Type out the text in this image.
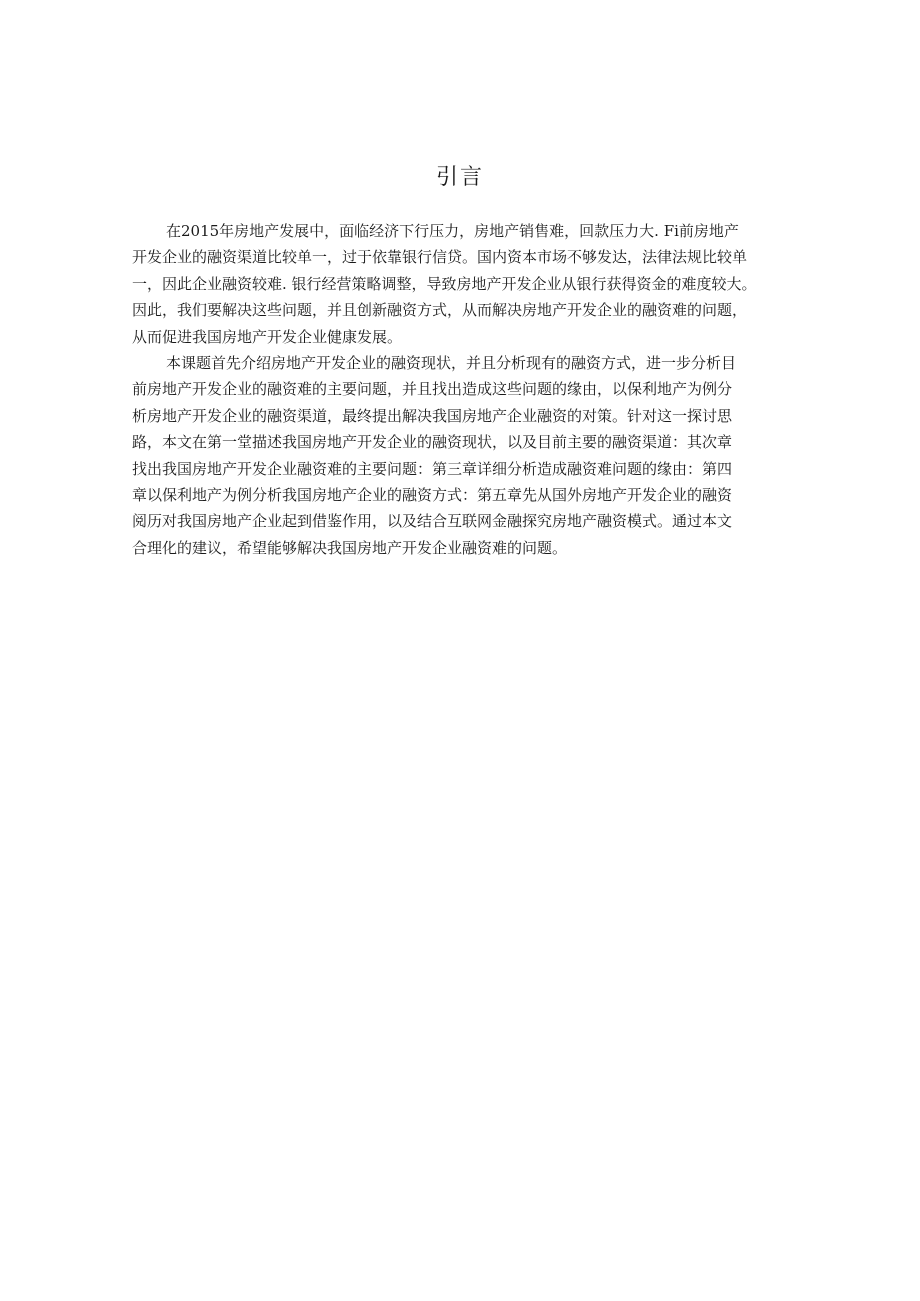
引言
在2015年房地产发展中，面临经济下行压力，房地产销售难，回款压力大. Fi前房地产
开发企业的融资渠道比较单一，过于依靠银行信贷。国内资本市场不够发达，法律法规比较单
一，因此企业融资较难. 银行经营策略调整，导致房地产开发企业从银行获得资金的难度较大。
因此，我们要解决这些问题，并且创新融资方式，从而解决房地产开发企业的融资难的问题，
从而促进我国房地产开发企业健康发展。
本课题首先介绍房地产开发企业的融资现状，并且分析现有的融资方式，进一步分析目
前房地产开发企业的融资难的主要问题，并且找出造成这些问题的缘由，以保利地产为例分
析房地产开发企业的融资渠道，最终提出解决我国房地产企业融资的对策。针对这一探讨思
路，本文在第一堂描述我国房地产开发企业的融资现状，以及目前主要的融资渠道：其次章
找出我国房地产开发企业融资难的主要问题：第三章详细分析造成融资难问题的缘由：第四
章以保利地产为例分析我国房地产企业的融资方式：第五章先从国外房地产开发企业的融资
阅历对我国房地产企业起到借鉴作用，以及结合互联网金融探究房地产融资模式。通过本文
合理化的建议，希望能够解决我国房地产开发企业融资难的问题。
